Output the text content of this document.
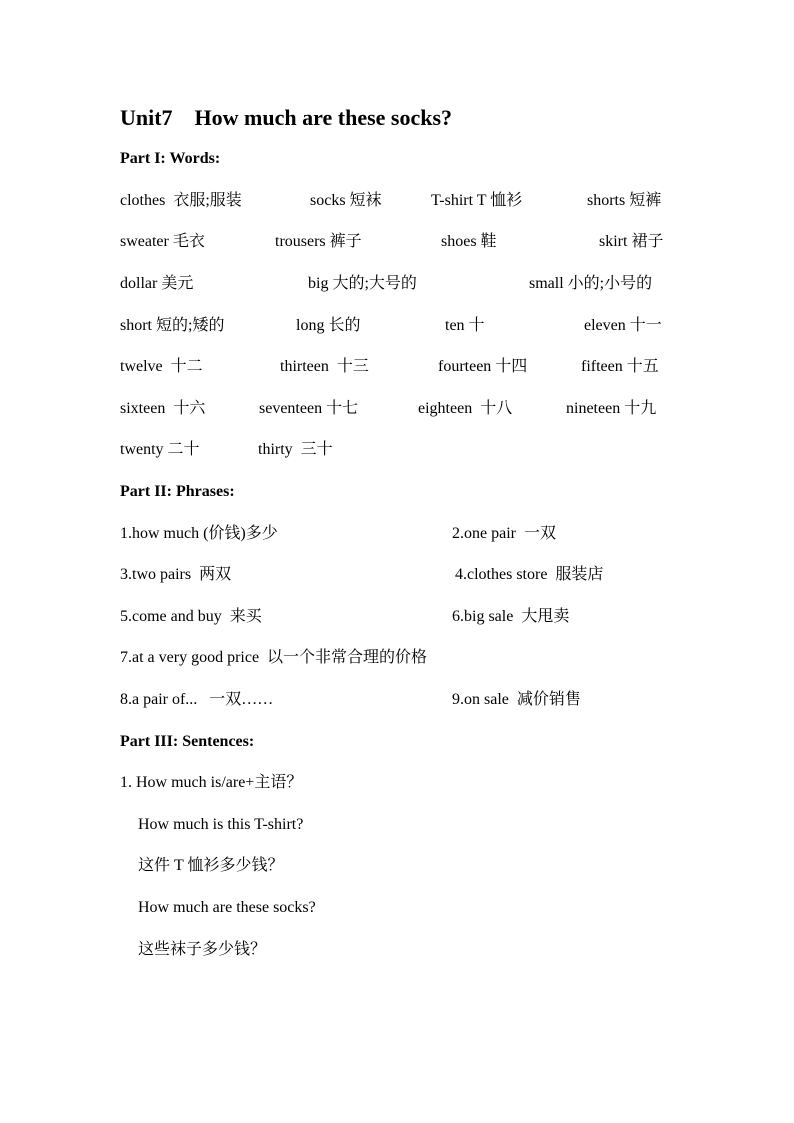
Unit7    How much are these socks?
Part I: Words:
clothes  衣服;服装	socks 短袜	T-shirt T 恤衫	shorts 短裤
sweater 毛衣	trousers 裤子	shoes 鞋	skirt 裙子
dollar 美元	big 大的;大号的	small 小的;小号的
short 短的;矮的	long 长的	ten 十	eleven 十一
twelve  十二	thirteen  十三	fourteen 十四	fifteen 十五
sixteen  十六	seventeen 十七	eighteen  十八	nineteen 十九
twenty 二十	thirty  三十
Part II: Phrases:
1.how much (价钱)多少	2.one pair  一双
3.two pairs  两双	4.clothes store  服装店
5.come and buy  来买	6.big sale  大甩卖
7.at a very good price  以一个非常合理的价格
8.a pair of...   一双……	9.on sale  减价销售
Part III: Sentences:
1. How much is/are+主语？
How much is this T-shirt?
这件 T 恤衫多少钱？
How much are these socks?
这些袜子多少钱？
